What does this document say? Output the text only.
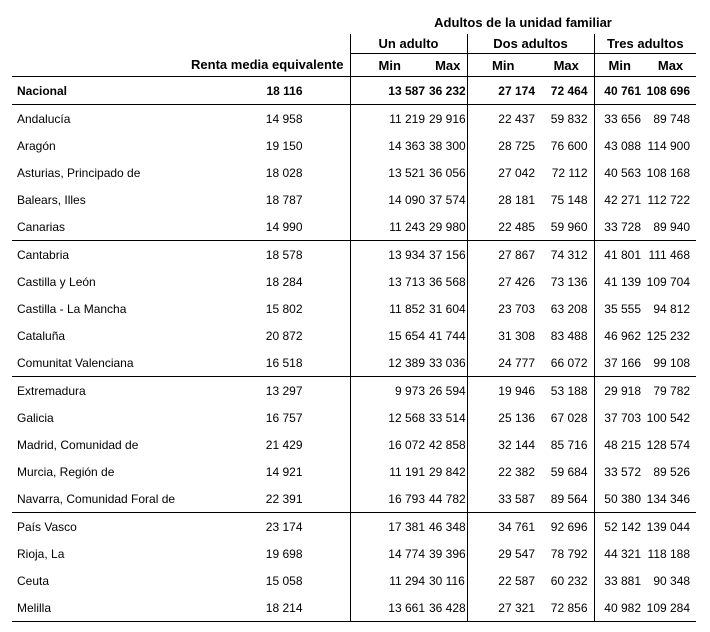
		Adultos de la unidad familiar					
		Un adulto		Dos adultos		Tres adultos	
	Renta media equivalente	Min	Max	Min	Max	Min	Max
Nacional	18 116	13 587	36 232	27 174	72 464	40 761	108 696
Andalucía	14 958	11 219	29 916	22 437	59 832	33 656	89 748
Aragón	19 150	14 363	38 300	28 725	76 600	43 088	114 900
Asturias, Principado de	18 028	13 521	36 056	27 042	72 112	40 563	108 168
Balears, Illes	18 787	14 090	37 574	28 181	75 148	42 271	112 722
Canarias	14 990	11 243	29 980	22 485	59 960	33 728	89 940
Cantabria	18 578	13 934	37 156	27 867	74 312	41 801	111 468
Castilla y León	18 284	13 713	36 568	27 426	73 136	41 139	109 704
Castilla - La Mancha	15 802	11 852	31 604	23 703	63 208	35 555	94 812
Cataluña	20 872	15 654	41 744	31 308	83 488	46 962	125 232
Comunitat Valenciana	16 518	12 389	33 036	24 777	66 072	37 166	99 108
Extremadura	13 297	9 973	26 594	19 946	53 188	29 918	79 782
Galicia	16 757	12 568	33 514	25 136	67 028	37 703	100 542
Madrid, Comunidad de	21 429	16 072	42 858	32 144	85 716	48 215	128 574
Murcia, Región de	14 921	11 191	29 842	22 382	59 684	33 572	89 526
Navarra, Comunidad Foral de	22 391	16 793	44 782	33 587	89 564	50 380	134 346
País Vasco	23 174	17 381	46 348	34 761	92 696	52 142	139 044
Rioja, La	19 698	14 774	39 396	29 547	78 792	44 321	118 188
Ceuta	15 058	11 294	30 116	22 587	60 232	33 881	90 348
Melilla	18 214	13 661	36 428	27 321	72 856	40 982	109 284
